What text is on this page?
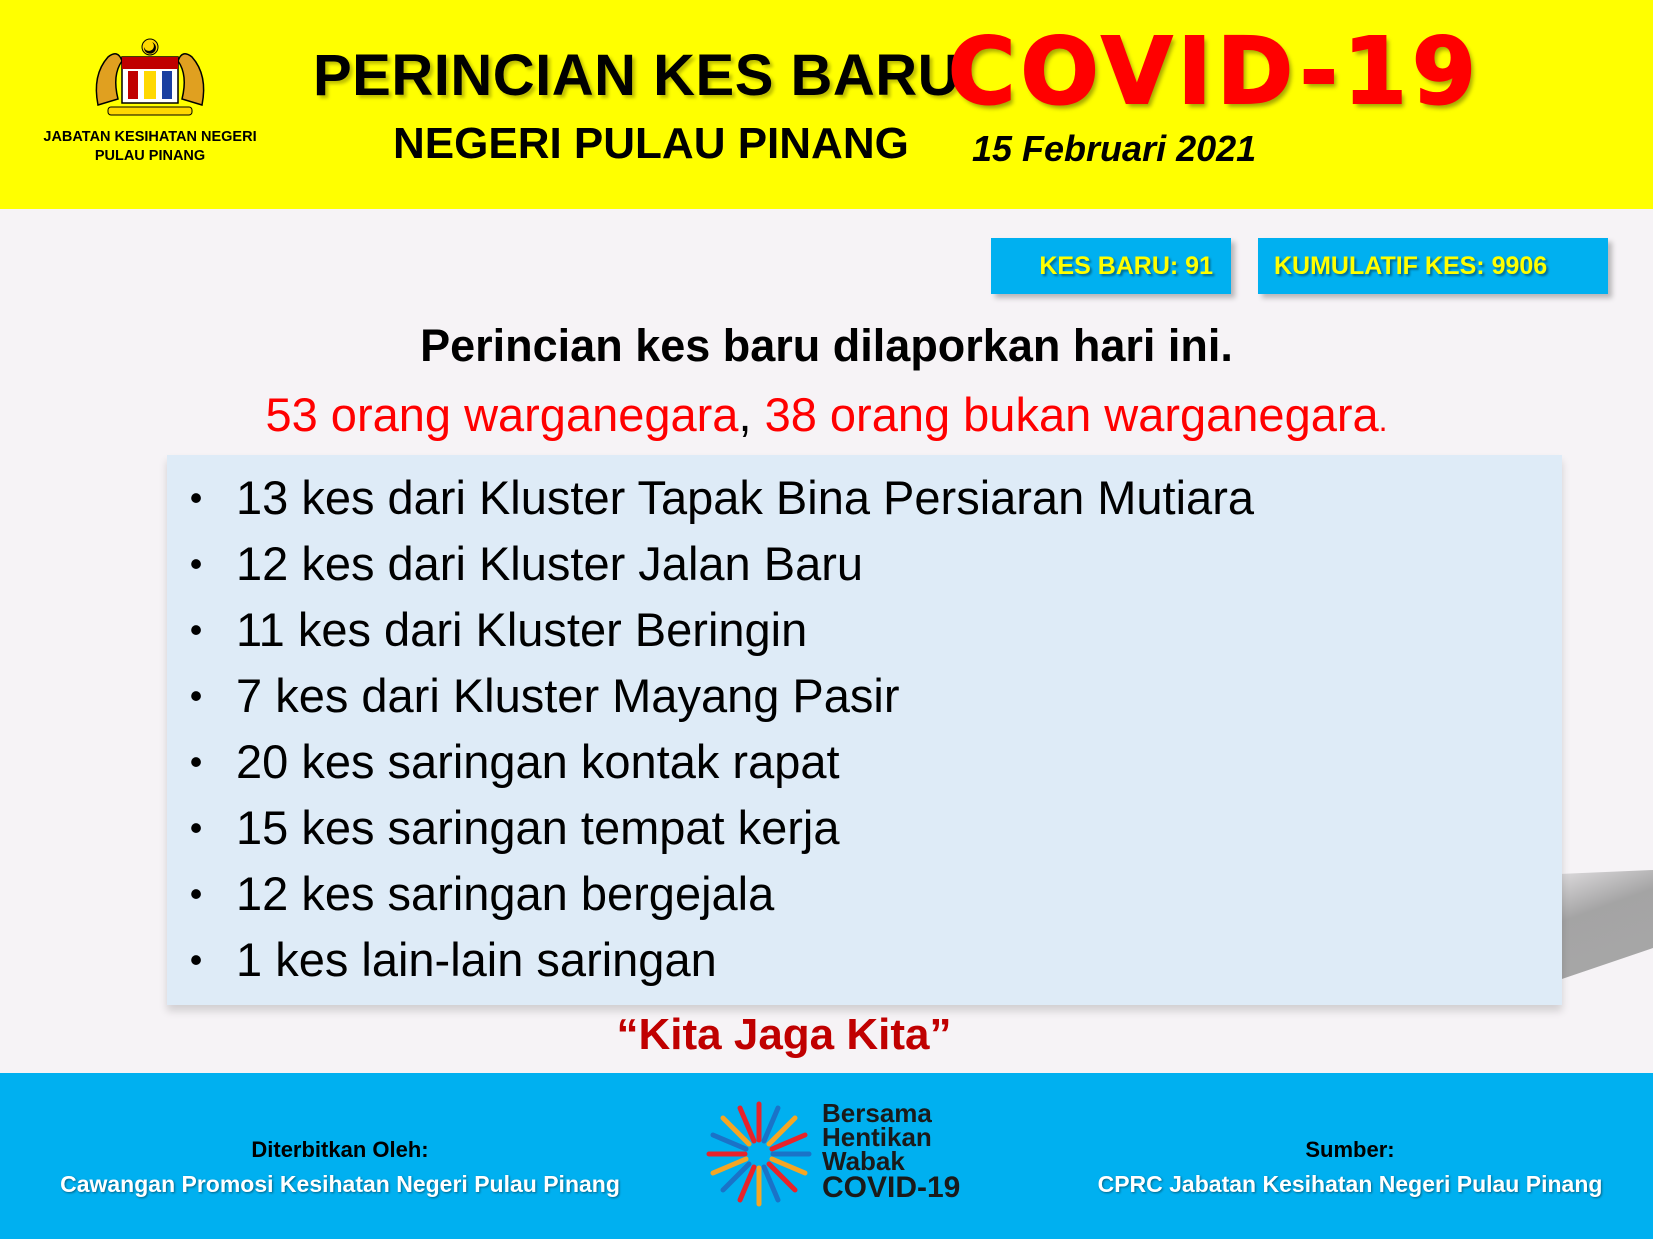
JABATAN KESIHATAN NEGERI
PULAU PINANG
PERINCIAN KES BARU
COVID-19
NEGERI PULAU PINANG 15 Februari 2021
KES BARU: 91	KUMULATIF KES: 9906
Perincian kes baru dilaporkan hari ini.
53 orang warganegara, 38 orang bukan warganegara.
• 13 kes dari Kluster Tapak Bina Persiaran Mutiara
• 12 kes dari Kluster Jalan Baru
• 11 kes dari Kluster Beringin
• 7 kes dari Kluster Mayang Pasir
• 20 kes saringan kontak rapat
• 15 kes saringan tempat kerja
• 12 kes saringan bergejala
• 1 kes lain-lain saringan
“Kita Jaga Kita”
Diterbitkan Oleh:
Cawangan Promosi Kesihatan Negeri Pulau Pinang
Bersama
Hentikan
Wabak
COVID-19
Sumber:
CPRC Jabatan Kesihatan Negeri Pulau Pinang
